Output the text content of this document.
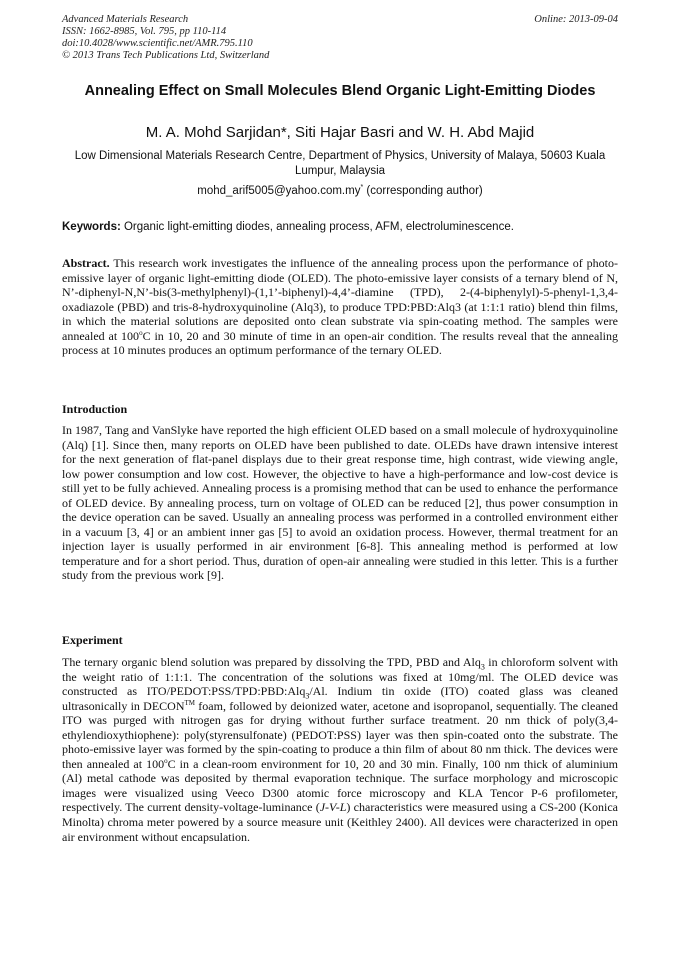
Advanced Materials Research
ISSN: 1662-8985, Vol. 795, pp 110-114
doi:10.4028/www.scientific.net/AMR.795.110
© 2013 Trans Tech Publications Ltd, Switzerland
Online: 2013-09-04
Annealing Effect on Small Molecules Blend Organic Light-Emitting Diodes
M. A. Mohd Sarjidan*, Siti Hajar Basri and W. H. Abd Majid
Low Dimensional Materials Research Centre, Department of Physics, University of Malaya, 50603 Kuala Lumpur, Malaysia
mohd_arif5005@yahoo.com.my* (corresponding author)
Keywords: Organic light-emitting diodes, annealing process, AFM, electroluminescence.
Abstract. This research work investigates the influence of the annealing process upon the performance of photo-emissive layer of organic light-emitting diode (OLED). The photo-emissive layer consists of a ternary blend of N, N’-diphenyl-N,N’-bis(3-methylphenyl)-(1,1’-biphenyl)-4,4’-diamine (TPD), 2-(4-biphenylyl)-5-phenyl-1,3,4-oxadiazole (PBD) and tris-8-hydroxyquinoline (Alq3), to produce TPD:PBD:Alq3 (at 1:1:1 ratio) blend thin films, in which the material solutions are deposited onto clean substrate via spin-coating method. The samples were annealed at 100$^o$C in 10, 20 and 30 minute of time in an open-air condition. The results reveal that the annealing process at 10 minutes produces an optimum performance of the ternary OLED.
Introduction
In 1987, Tang and VanSlyke have reported the high efficient OLED based on a small molecule of hydroxyquinoline (Alq) [1]. Since then, many reports on OLED have been published to date. OLEDs have drawn intensive interest for the next generation of flat-panel displays due to their great response time, high contrast, wide viewing angle, low power consumption and low cost. However, the objective to have a high-performance and low-cost device is still yet to be fully achieved. Annealing process is a promising method that can be used to enhance the performance of OLED device. By annealing process, turn on voltage of OLED can be reduced [2], thus power consumption in the device operation can be saved. Usually an annealing process was performed in a controlled environment either in a vacuum [3, 4] or an ambient inner gas [5] to avoid an oxidation process. However, thermal treatment for an injection layer is usually performed in air environment [6-8]. This annealing method is performed at low temperature and for a short period. Thus, duration of open-air annealing were studied in this letter. This is a further study from the previous work [9].
Experiment
The ternary organic blend solution was prepared by dissolving the TPD, PBD and Alq$_3$ in chloroform solvent with the weight ratio of 1:1:1. The concentration of the solutions was fixed at 10mg/ml. The OLED device was constructed as ITO/PEDOT:PSS/TPD:PBD:Alq$_3$/Al. Indium tin oxide (ITO) coated glass was cleaned ultrasonically in DECON™ foam, followed by deionized water, acetone and isopropanol, sequentially. The cleaned ITO was purged with nitrogen gas for drying without further surface treatment. 20 nm thick of poly(3,4-ethylendioxythiophene): poly(styrensulfonate) (PEDOT:PSS) layer was then spin-coated onto the substrate. The photo-emissive layer was formed by the spin-coating to produce a thin film of about 80 nm thick. The devices were then annealed at 100$^o$C in a clean-room environment for 10, 20 and 30 min. Finally, 100 nm thick of aluminium (Al) metal cathode was deposited by thermal evaporation technique. The surface morphology and microscopic images were visualized using Veeco D300 atomic force microscopy and KLA Tencor P-6 profilometer, respectively. The current density-voltage-luminance (J-V-L) characteristics were measured using a CS-200 (Konica Minolta) chroma meter powered by a source measure unit (Keithley 2400). All devices were characterized in open air environment without encapsulation.
